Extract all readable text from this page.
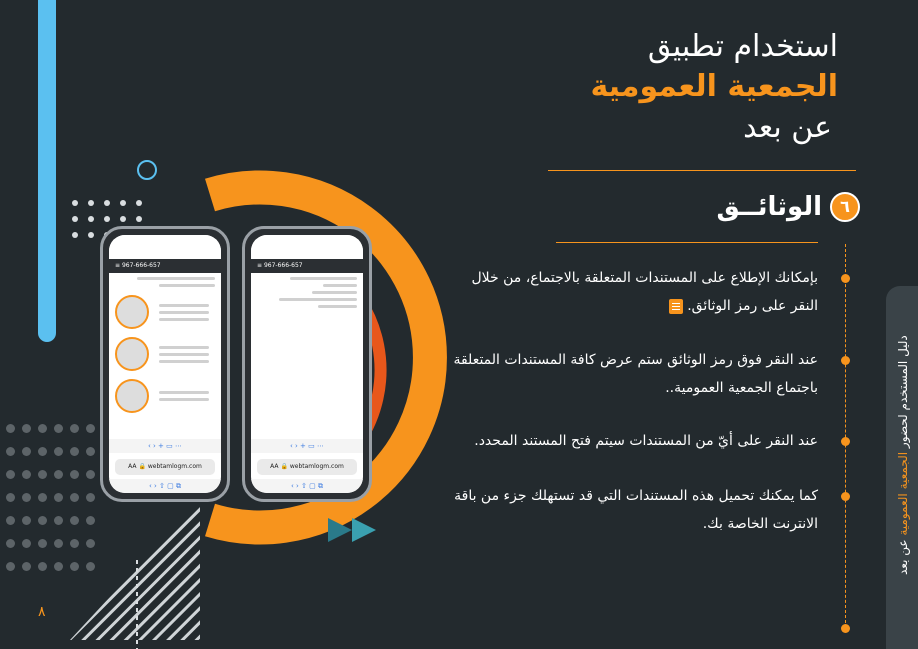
≡ 967-666-657
‹ › + ▭ ⋯
AA 🔒 webtamlogm.com
‹ › ⇧ ▢ ⧉
≡ 967-666-657
‹ › + ▭ ⋯
AA 🔒 webtamlogm.com
‹ › ⇧ ▢ ⧉
استخدام تطبيق
الجمعية العمومية
عن بعد
٦
الوثائــق
بإمكانك الإطلاع على المستندات المتعلقة بالاجتماع، من خلال
النقر على رمز الوثائق.
عند النقر فوق رمز الوثائق ستم عرض كافة المستندات المتعلقة
باجتماع الجمعية العمومية..
عند النقر على أيّ من المستندات سيتم فتح المستند المحدد.
كما يمكنك تحميل هذه المستندات التي قد تستهلك جزء من باقة
الانترنت الخاصة بك.
دليل المستخدم لحضور الجمعية العمومية عن بعد
٨
